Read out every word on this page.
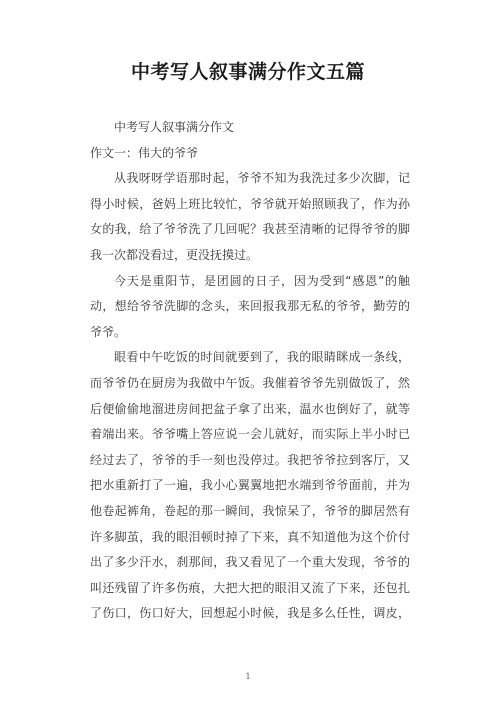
中考写人叙事满分作文五篇
中考写人叙事满分作文
作文一：伟大的爷爷
从我呀呀学语那时起，爷爷不知为我洗过多少次脚，记
得小时候，爸妈上班比较忙，爷爷就开始照顾我了，作为孙
女的我，给了爷爷洗了几回呢？我甚至清晰的记得爷爷的脚
我一次都没看过，更没抚摸过。
今天是重阳节，是团圆的日子，因为受到“感恩”的触
动，想给爷爷洗脚的念头，来回报我那无私的爷爷，勤劳的
爷爷。
眼看中午吃饭的时间就要到了，我的眼睛眯成一条线，
而爷爷仍在厨房为我做中午饭。我催着爷爷先别做饭了，然
后便偷偷地溜进房间把盆子拿了出来，温水也倒好了，就等
着端出来。爷爷嘴上答应说一会儿就好，而实际上半小时已
经过去了，爷爷的手一刻也没停过。我把爷爷拉到客厅，又
把水重新打了一遍，我小心翼翼地把水端到爷爷面前，并为
他卷起裤角，卷起的那一瞬间，我惊呆了，爷爷的脚居然有
许多脚茧，我的眼泪顿时掉了下来，真不知道他为这个价付
出了多少汗水，刹那间，我又看见了一个重大发现，爷爷的
叫还残留了许多伤痕，大把大把的眼泪又流了下来，还包扎
了伤口，伤口好大，回想起小时候，我是多么任性，调皮，
1
